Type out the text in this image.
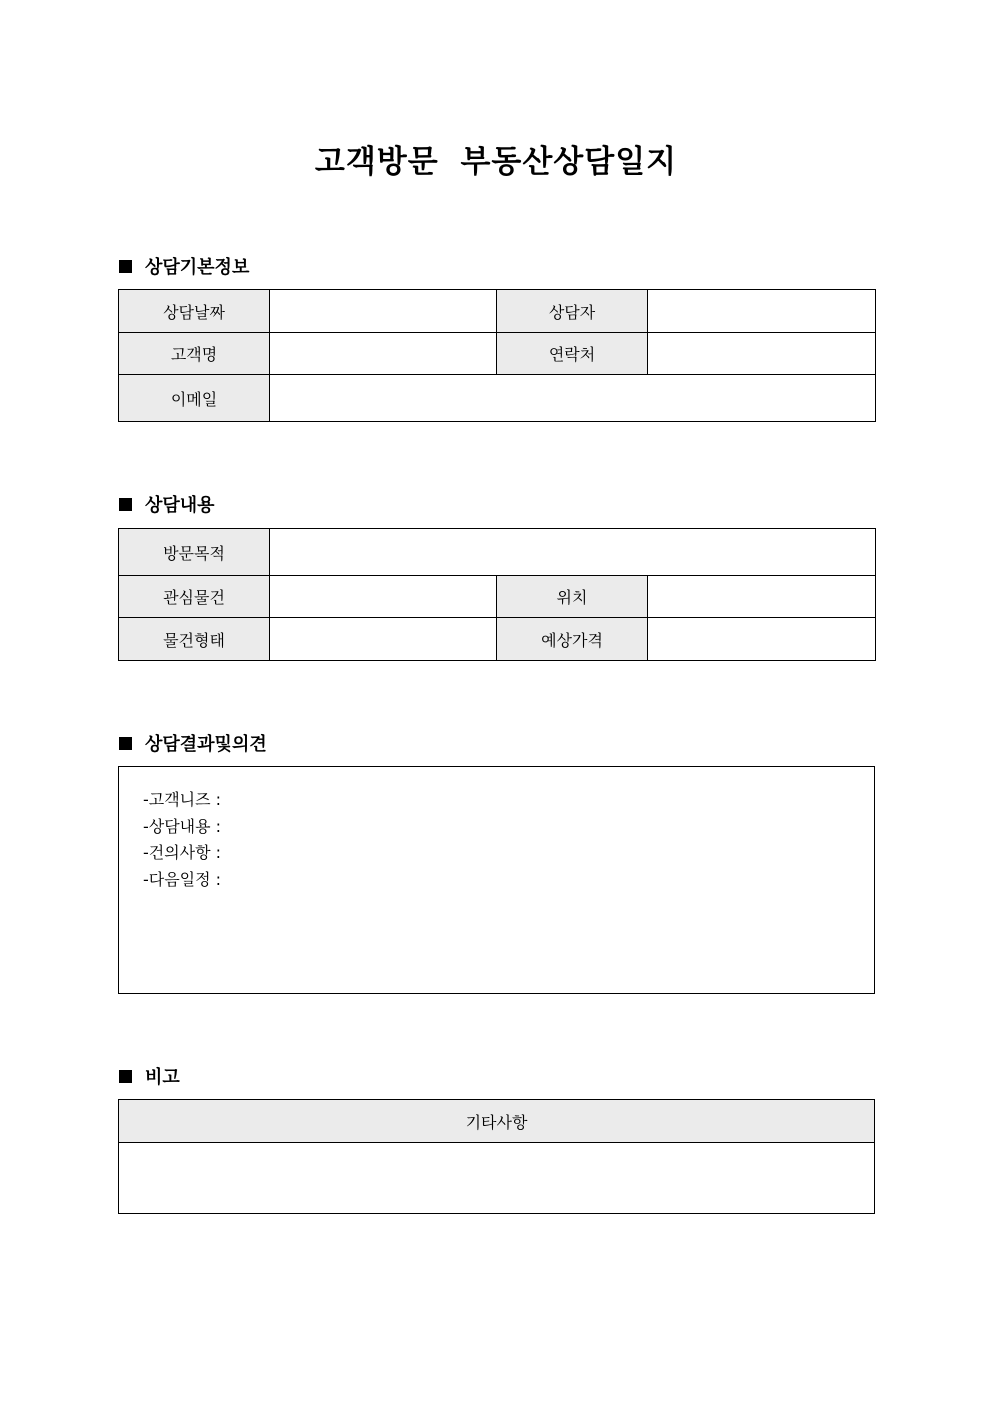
고객방문 부동산상담일지
상담기본정보
상담날짜		상담자	
고객명		연락처	
이메일			
상담내용
방문목적			
관심물건		위치	
물건형태		예상가격	
상담결과및의견
-고객니즈 :
-상담내용 :
-건의사항 :
-다음일정 :
비고
기타사항
